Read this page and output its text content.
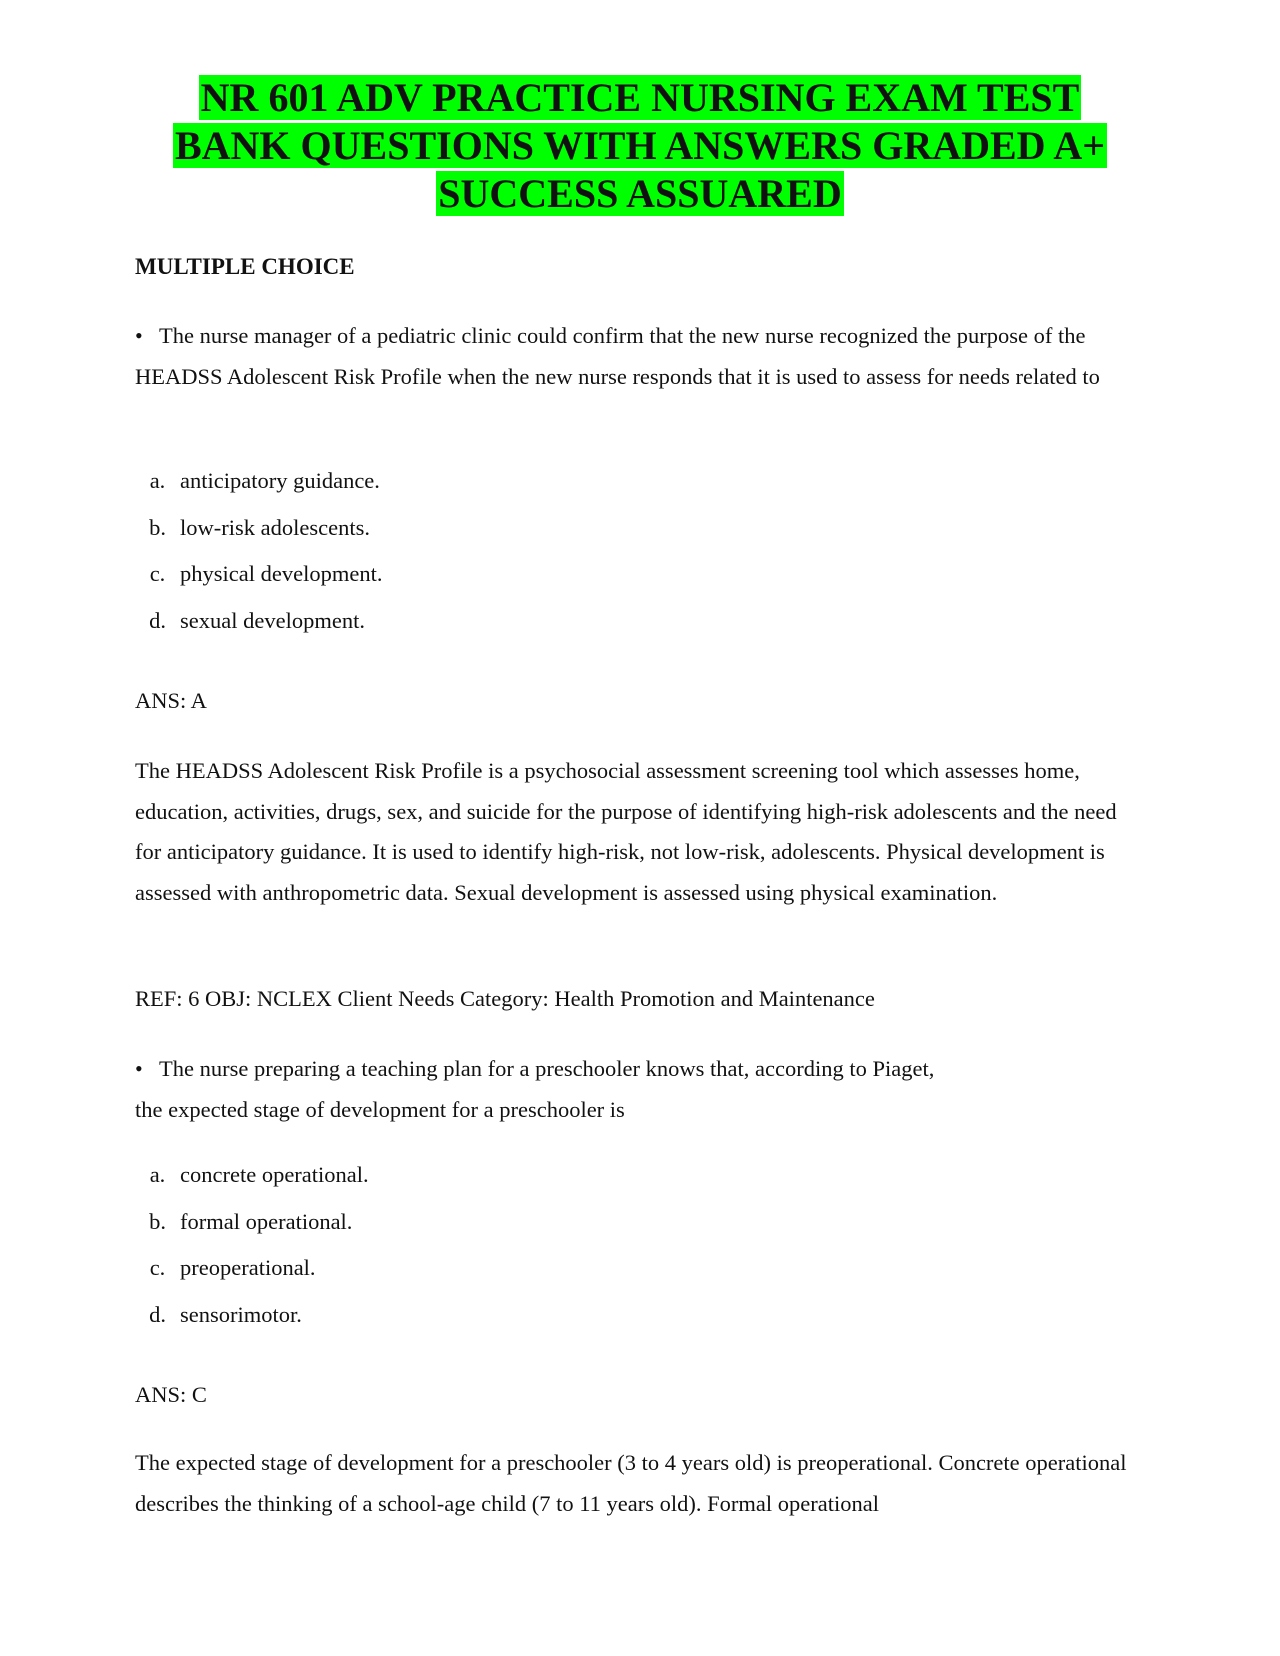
NR 601 ADV PRACTICE NURSING EXAM TEST
BANK QUESTIONS WITH ANSWERS GRADED A+
SUCCESS ASSUARED

MULTIPLE CHOICE

• The nurse manager of a pediatric clinic could confirm that the new nurse recognized the purpose of the HEADSS Adolescent Risk Profile when the new nurse responds that it is used to assess for needs related to

a. anticipatory guidance.
b. low-risk adolescents.
c. physical development.
d. sexual development.

ANS: A

The HEADSS Adolescent Risk Profile is a psychosocial assessment screening tool which assesses home, education, activities, drugs, sex, and suicide for the purpose of identifying high-risk adolescents and the need for anticipatory guidance. It is used to identify high-risk, not low-risk, adolescents. Physical development is assessed with anthropometric data. Sexual development is assessed using physical examination.

REF: 6 OBJ: NCLEX Client Needs Category: Health Promotion and Maintenance

• The nurse preparing a teaching plan for a preschooler knows that, according to Piaget,
the expected stage of development for a preschooler is

a. concrete operational.
b. formal operational.
c. preoperational.
d. sensorimotor.

ANS: C

The expected stage of development for a preschooler (3 to 4 years old) is preoperational. Concrete operational describes the thinking of a school-age child (7 to 11 years old). Formal operational
